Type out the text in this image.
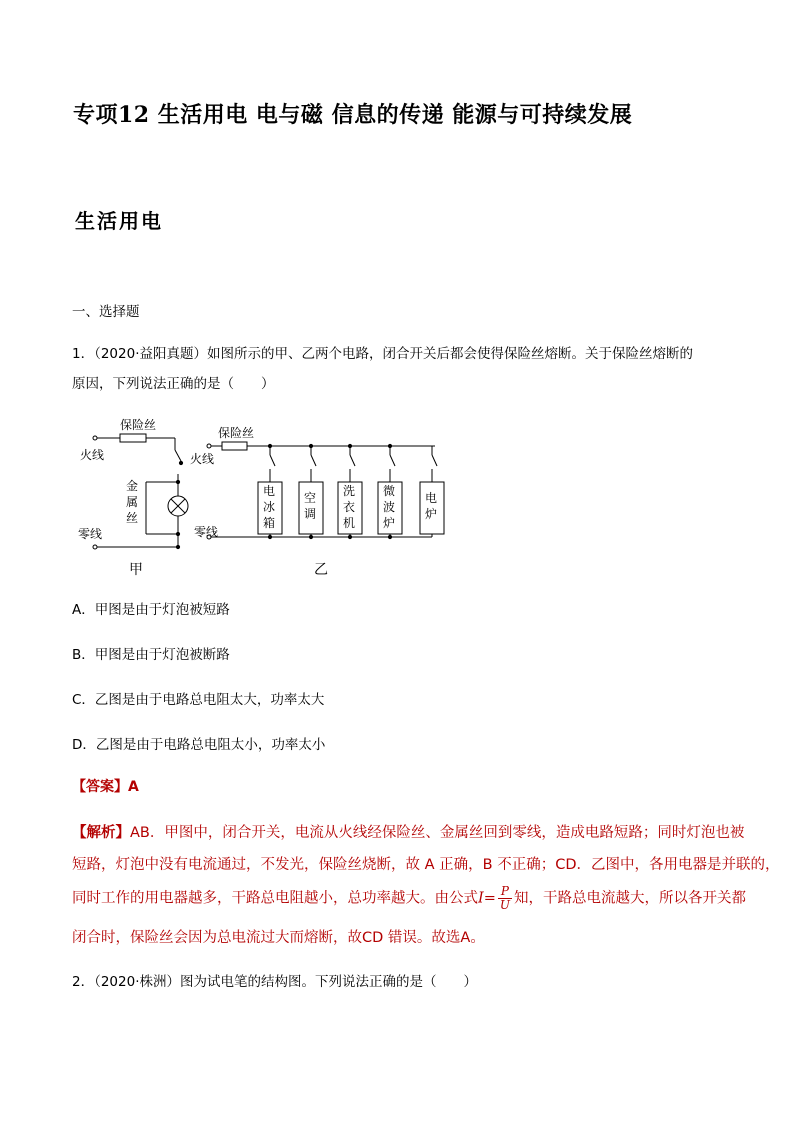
专项12 生活用电 电与磁 信息的传递 能源与可持续发展
生活用电
一、选择题
1．（2020·益阳真题）如图所示的甲、乙两个电路，闭合开关后都会使得保险丝熔断。关于保险丝熔断的
原因，下列说法正确的是（　　）
保险丝
火线
金
属
丝
零线
甲
电
冰
箱
空
调
洗
衣
机
微
波
炉
电
炉
保险丝
火线
零线
乙
A．甲图是由于灯泡被短路
B．甲图是由于灯泡被断路
C．乙图是由于电路总电阻太大，功率太大
D．乙图是由于电路总电阻太小，功率太小
【答案】A
【解析】AB．甲图中，闭合开关，电流从火线经保险丝、金属丝回到零线，造成电路短路；同时灯泡也被
短路，灯泡中没有电流通过，不发光，保险丝烧断，故 A 正确，B 不正确；CD．乙图中，各用电器是并联的，
同时工作的用电器越多，干路总电阻越小，总功率越大。由公式$I= \frac{P}{U}$ 知，干路总电流越大，所以各开关都
闭合时，保险丝会因为总电流过大而熔断，故CD 错误。故选A。
2．（2020·株洲）图为试电笔的结构图。下列说法正确的是（　　）
